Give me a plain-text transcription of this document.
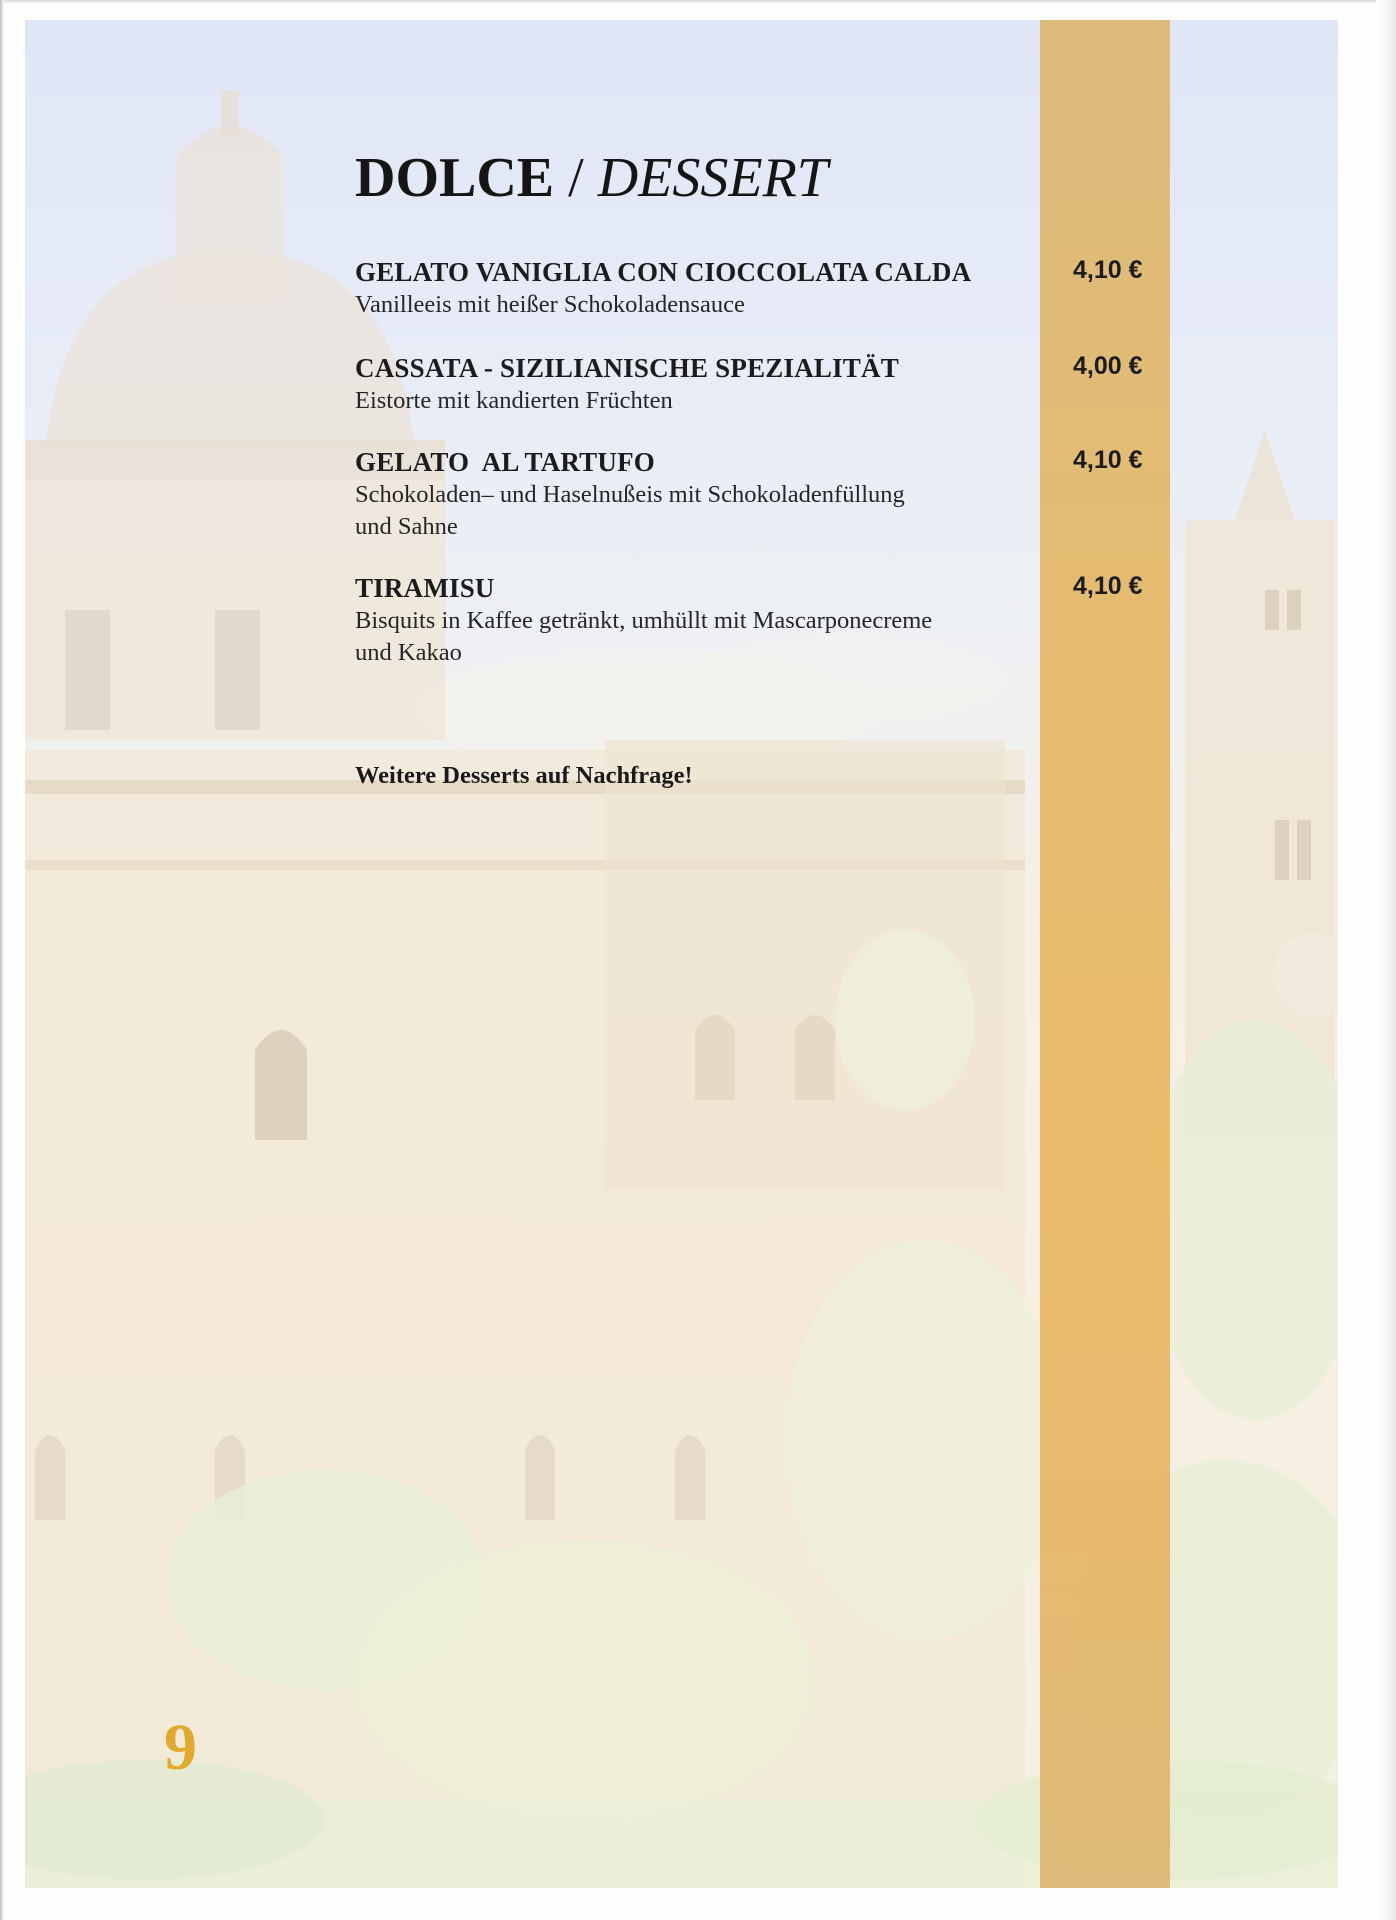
DOLCE / DESSERT
GELATO VANIGLIA CON CIOCCOLATA CALDA
Vanilleeis mit heißer Schokoladensauce
4,10 €
CASSATA - SIZILIANISCHE SPEZIALITÄT
Eistorte mit kandierten Früchten
4,00 €
GELATO  AL TARTUFO
Schokoladen– und Haselnußeis mit Schokoladenfüllung
und Sahne
4,10 €
TIRAMISU
Bisquits in Kaffee getränkt, umhüllt mit Mascarponecreme
und Kakao
4,10 €
Weitere Desserts auf Nachfrage!
9
